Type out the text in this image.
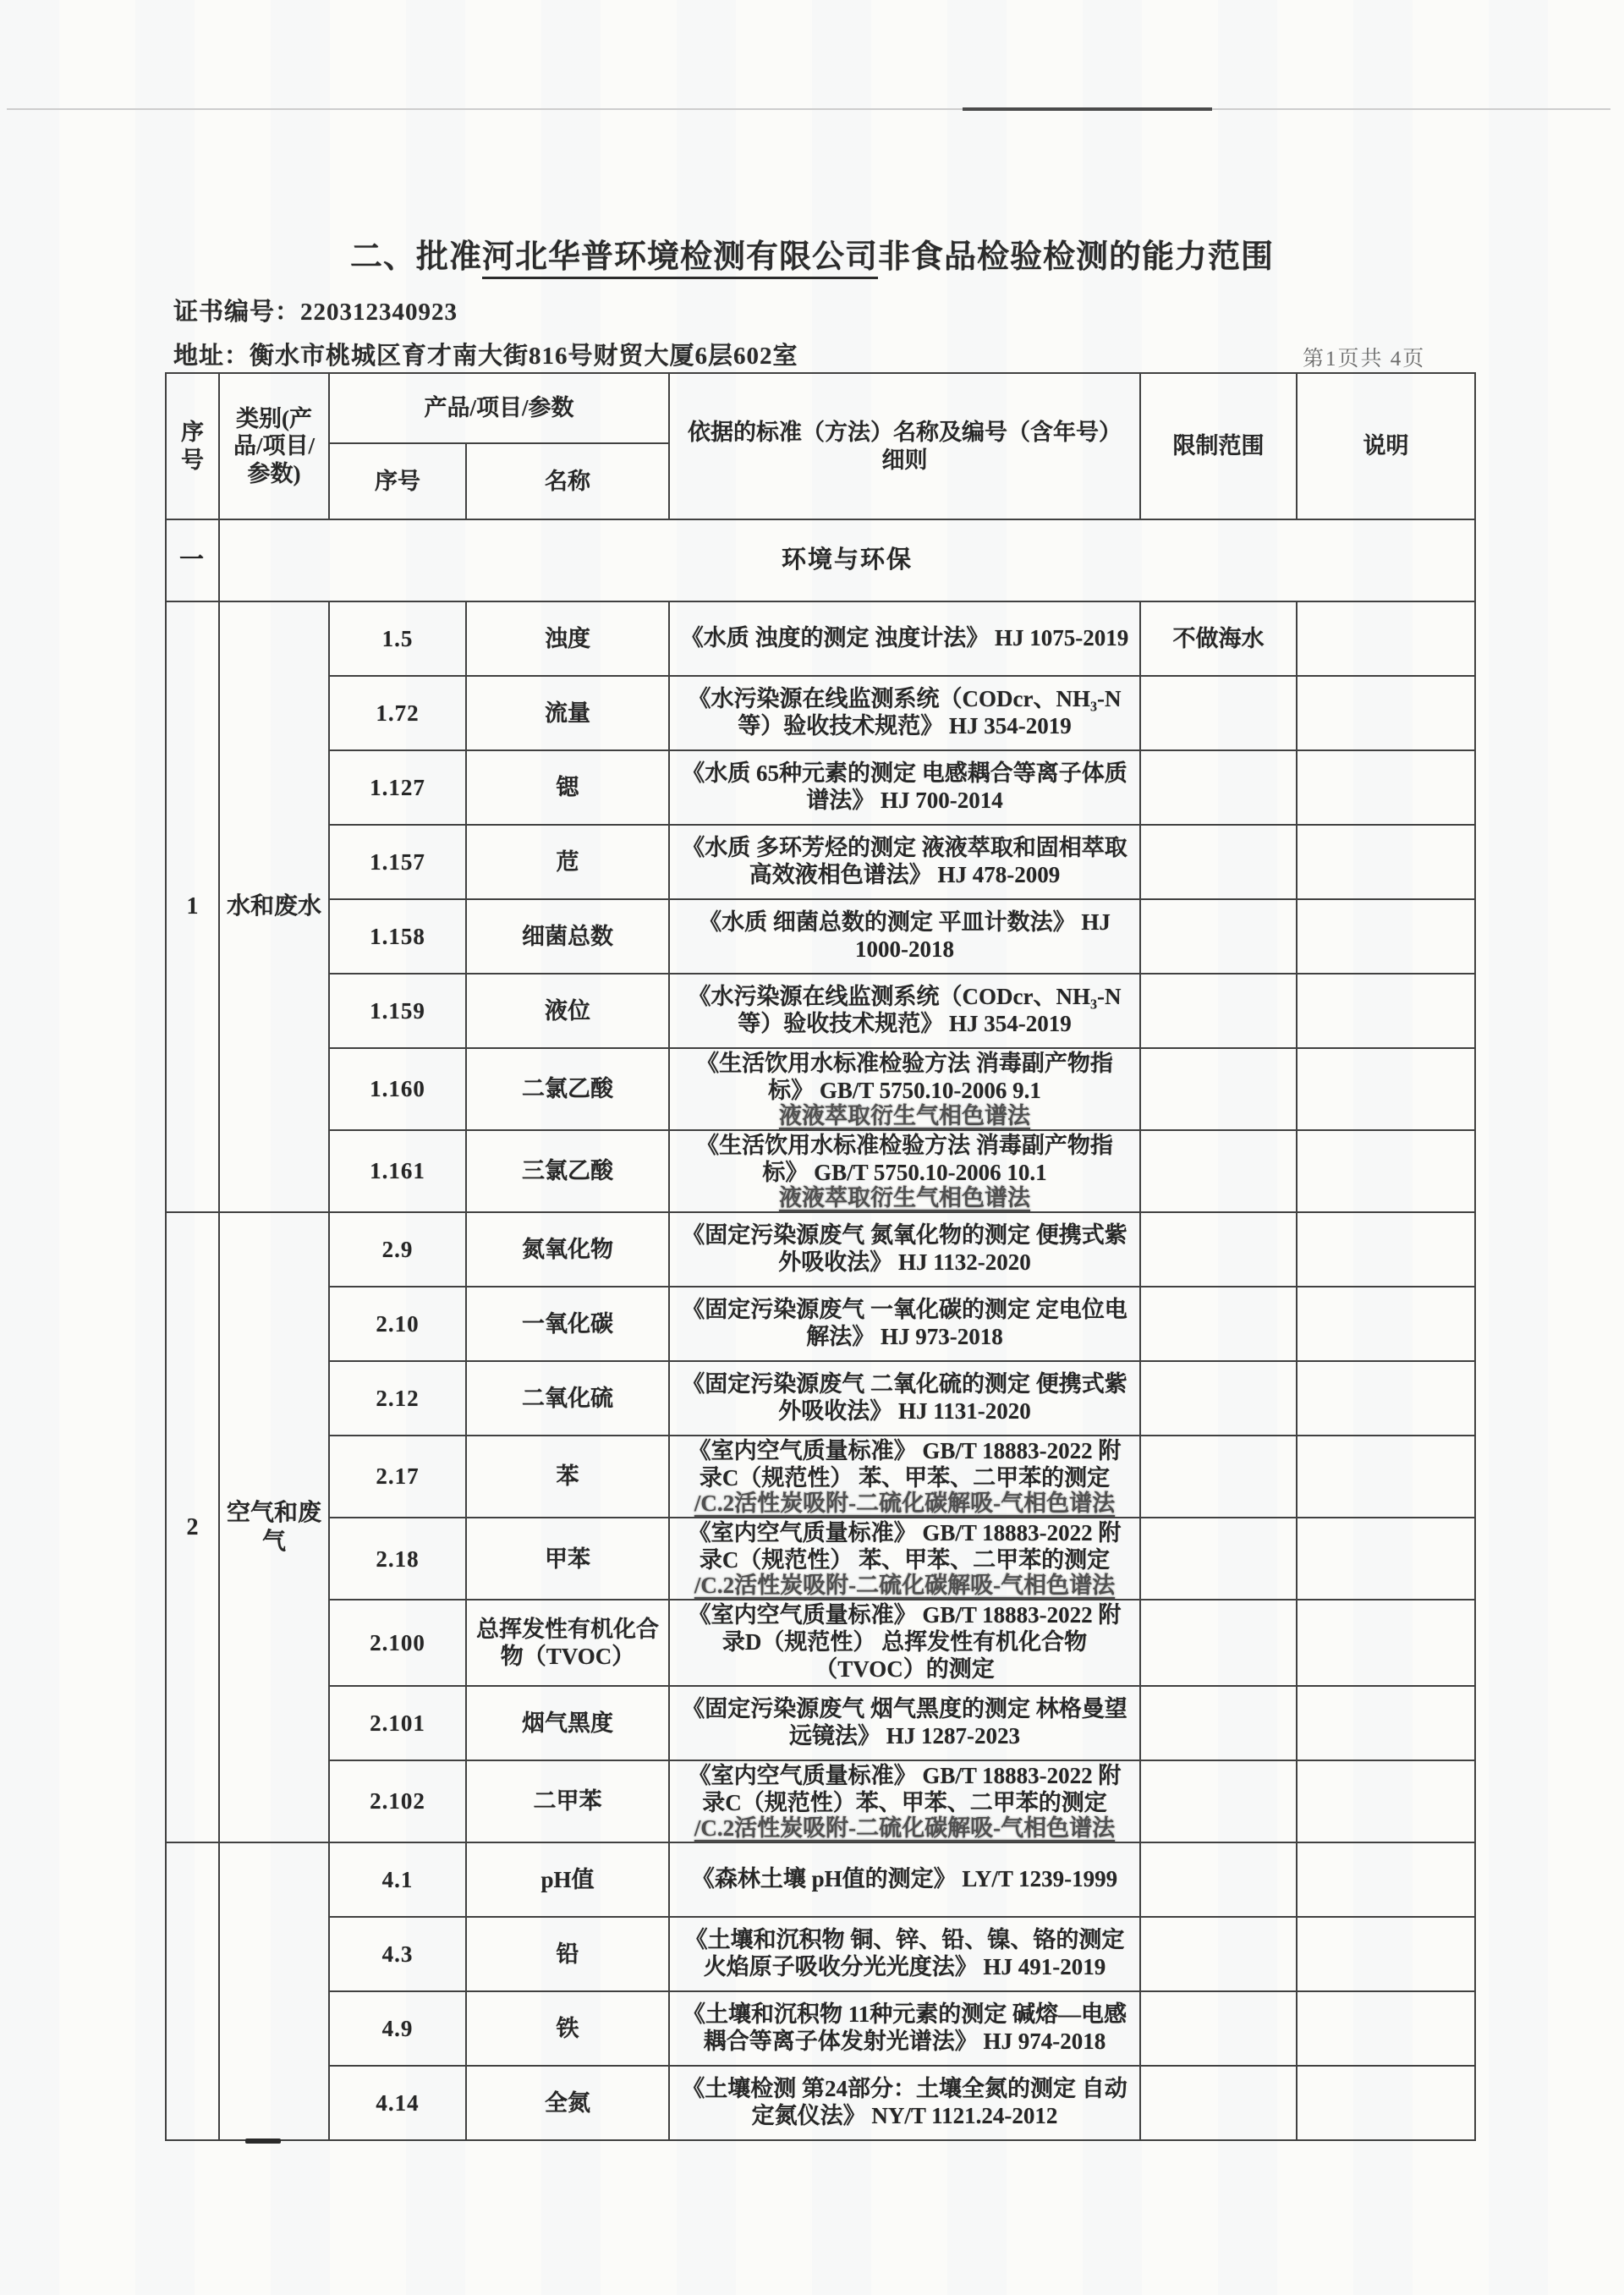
二、批准河北华普环境检测有限公司非食品检验检测的能力范围
证书编号：220312340923
地址：衡水市桃城区育才南大街816号财贸大厦6层602室	第1页共 4页
序号	类别(产品/项目/参数)	产品/项目/参数		依据的标准（方法）名称及编号（含年号）细则	限制范围	说明
		序号	名称			
一	环境与环保					
1	水和废水	1.5	浊度	《水质 浊度的测定 浊度计法》 HJ 1075-2019	不做海水	
		1.72	流量	《水污染源在线监测系统（CODcr、NH₃-N等）验收技术规范》 HJ 354-2019		
		1.127	锶	《水质 65种元素的测定 电感耦合等离子体质谱法》 HJ 700-2014		
		1.157	苊	《水质 多环芳烃的测定 液液萃取和固相萃取高效液相色谱法》 HJ 478-2009		
		1.158	细菌总数	《水质 细菌总数的测定 平皿计数法》 HJ 1000-2018		
		1.159	液位	《水污染源在线监测系统（CODcr、NH₃-N等）验收技术规范》 HJ 354-2019		
		1.160	二氯乙酸	《生活饮用水标准检验方法 消毒副产物指标》 GB/T 5750.10-2006 9.1
液液萃取衍生气相色谱法		

		1.161	三氯乙酸	《生活饮用水标准检验方法 消毒副产物指标》 GB/T 5750.10-2006 10.1
液液萃取衍生气相色谱法		

2	空气和废气	2.9	氮氧化物	《固定污染源废气 氮氧化物的测定 便携式紫外吸收法》 HJ 1132-2020		
		2.10	一氧化碳	《固定污染源废气 一氧化碳的测定 定电位电解法》 HJ 973-2018		
		2.12	二氧化硫	《固定污染源废气 二氧化硫的测定 便携式紫外吸收法》 HJ 1131-2020		
		2.17	苯	《室内空气质量标准》 GB/T 18883-2022 附录C（规范性） 苯、甲苯、二甲苯的测定
/C.2活性炭吸附-二硫化碳解吸-气相色谱法		

		2.18	甲苯	《室内空气质量标准》 GB/T 18883-2022 附录C（规范性） 苯、甲苯、二甲苯的测定
/C.2活性炭吸附-二硫化碳解吸-气相色谱法		

		2.100	总挥发性有机化合物（TVOC）	《室内空气质量标准》 GB/T 18883-2022 附录D（规范性） 总挥发性有机化合物（TVOC）的测定		
		2.101	烟气黑度	《固定污染源废气 烟气黑度的测定 林格曼望远镜法》 HJ 1287-2023		
		2.102	二甲苯	《室内空气质量标准》 GB/T 18883-2022 附录C（规范性）苯、甲苯、二甲苯的测定
/C.2活性炭吸附-二硫化碳解吸-气相色谱法		

		4.1	pH值	《森林土壤 pH值的测定》 LY/T 1239-1999		
		4.3	铅	《土壤和沉积物 铜、锌、铅、镍、铬的测定 火焰原子吸收分光光度法》 HJ 491-2019		
		4.9	铁	《土壤和沉积物 11种元素的测定 碱熔—电感耦合等离子体发射光谱法》 HJ 974-2018		
		4.14	全氮	《土壤检测 第24部分：土壤全氮的测定 自动定氮仪法》 NY/T 1121.24-2012		
